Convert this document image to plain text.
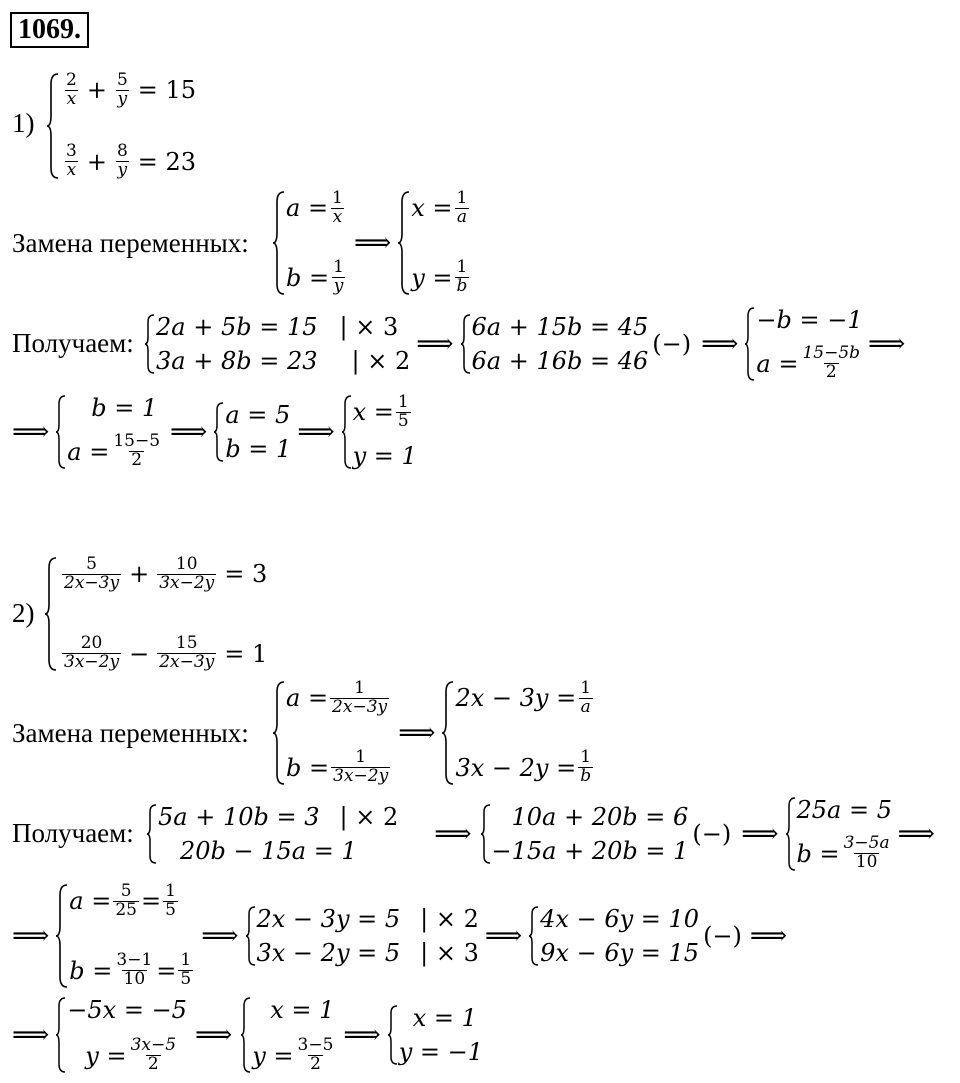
1069.
1)
$\frac{2}{x} + \frac{5}{y} = 15$
$\frac{3}{x} + \frac{8}{y} = 23$
Замена переменных:
$a = \frac{1}{x}$
$b = \frac{1}{y}$
⟹
$x = \frac{1}{a}$
$y = \frac{1}{b}$
Получаем:
2a + 5b = 15 | × 3
3a + 8b = 23 | × 2
⟹
6a + 15b = 45
6a + 16b = 46
(−) ⟹
−b = −1
$a = \frac{15-5b}{2}$
⟹
⟹
b = 1
$a = \frac{15-5}{2}$
⟹
a = 5
b = 1
⟹
$x = \frac{1}{5}$
y = 1
2)
$\frac{5}{2x-3y} + \frac{10}{3x-2y} = 3$
$\frac{20}{3x-2y} - \frac{15}{2x-3y} = 1$
Замена переменных:
$a = \frac{1}{2x-3y}$
$b = \frac{1}{3x-2y}$
⟹
$2x - 3y = \frac{1}{a}$
$3x - 2y = \frac{1}{b}$
Получаем:
5a + 10b = 3 | × 2
20b − 15a = 1
⟹
10a + 20b = 6
−15a + 20b = 1
(−) ⟹
25a = 5
$b = \frac{3-5a}{10}$
⟹
⟹
$a = \frac{5}{25} = \frac{1}{5}$
$b = \frac{3-1}{10} = \frac{1}{5}$
⟹
2x − 3y = 5 | × 2
3x − 2y = 5 | × 3
⟹
4x − 6y = 10
9x − 6y = 15
(−) ⟹
⟹
−5x = −5
$y = \frac{3x-5}{2}$
⟹
x = 1
$y = \frac{3-5}{2}$
⟹
x = 1
y = −1
